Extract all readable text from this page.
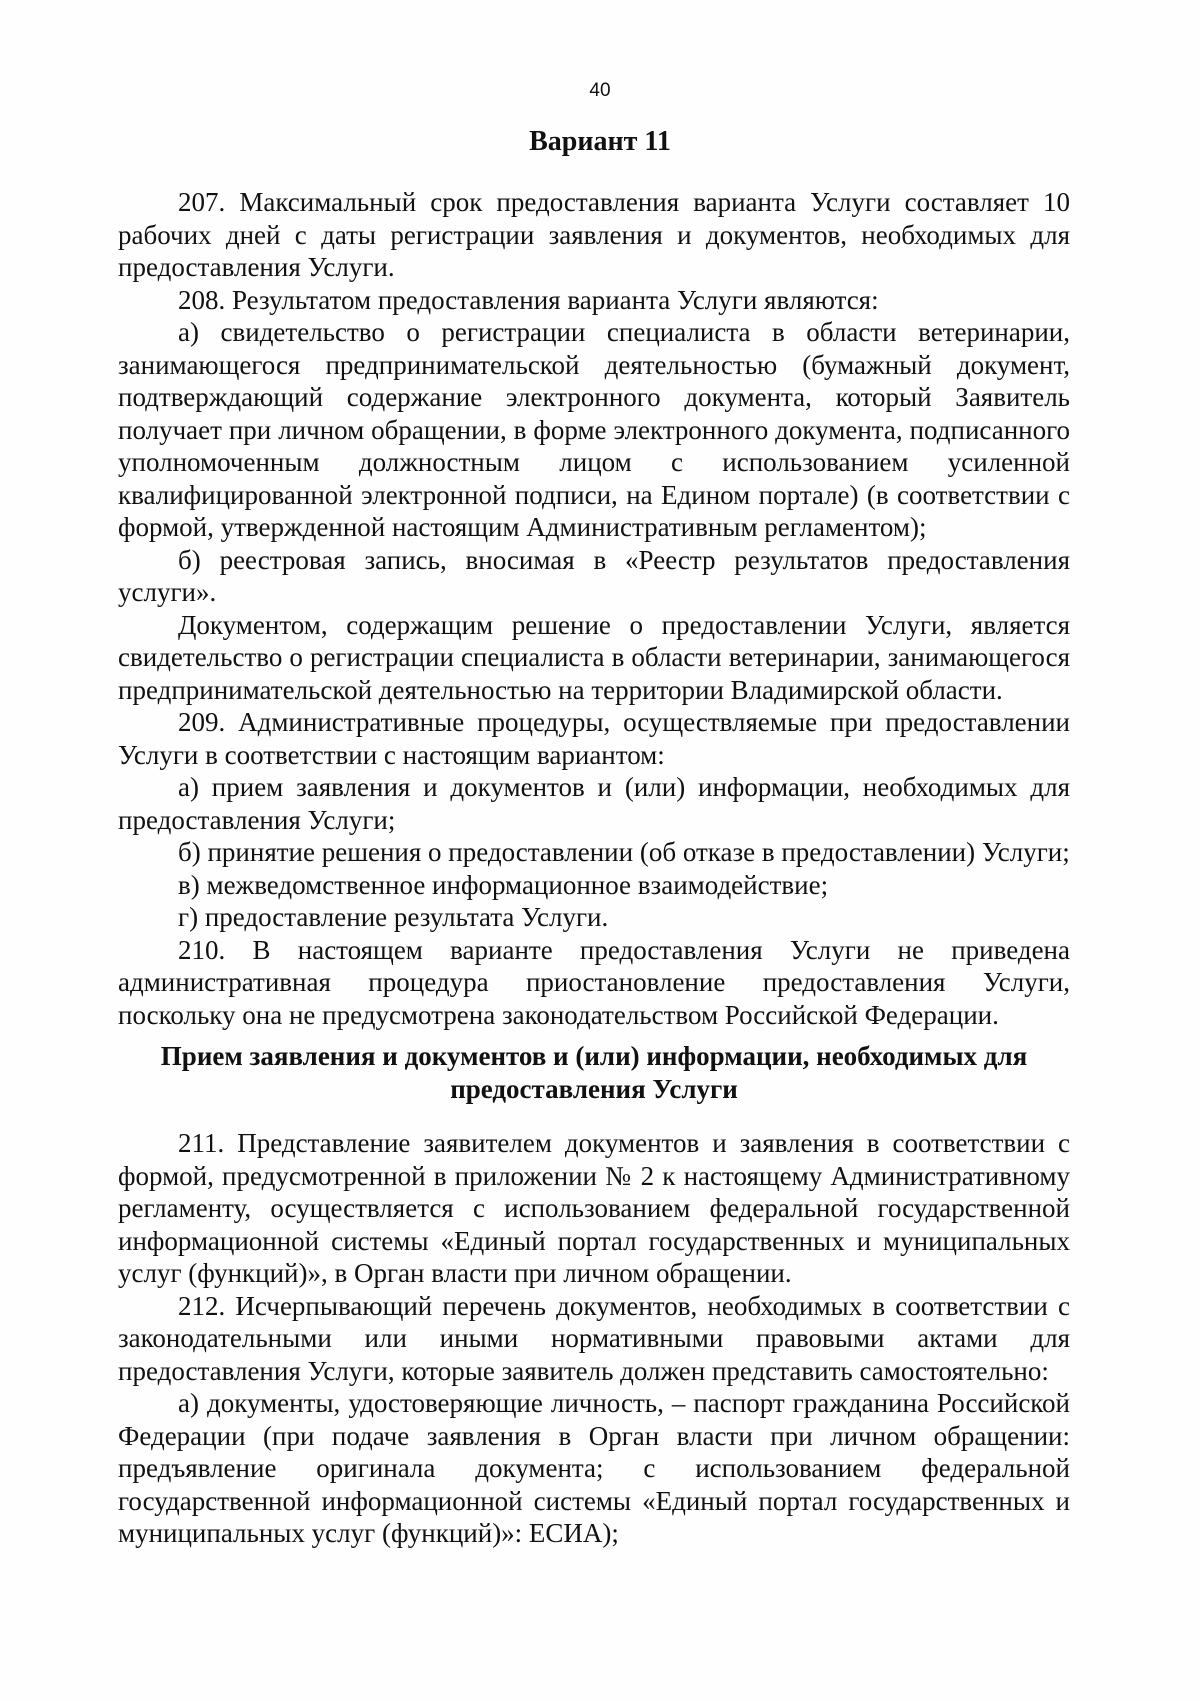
40
Вариант 11

207. Максимальный срок предоставления варианта Услуги составляет 10 рабочих дней с даты регистрации заявления и документов, необходимых для предоставления Услуги.

208. Результатом предоставления варианта Услуги являются:

а) свидетельство о регистрации специалиста в области ветеринарии, занимающегося предпринимательской деятельностью (бумажный документ, подтверждающий содержание электронного документа, который Заявитель получает при личном обращении, в форме электронного документа, подписанного уполномоченным должностным лицом с использованием усиленной квалифицированной электронной подписи, на Едином портале) (в соответствии с формой, утвержденной настоящим Административным регламентом);

б) реестровая запись, вносимая в «Реестр результатов предоставления услуги».

Документом, содержащим решение о предоставлении Услуги, является свидетельство о регистрации специалиста в области ветеринарии, занимающегося предпринимательской деятельностью на территории Владимирской области.

209. Административные процедуры, осуществляемые при предоставлении Услуги в соответствии с настоящим вариантом:

а) прием заявления и документов и (или) информации, необходимых для предоставления Услуги;

б) принятие решения о предоставлении (об отказе в предоставлении) Услуги;

в) межведомственное информационное взаимодействие;

г) предоставление результата Услуги.

210. В настоящем варианте предоставления Услуги не приведена административная процедура приостановление предоставления Услуги, поскольку она не предусмотрена законодательством Российской Федерации.

Прием заявления и документов и (или) информации, необходимых для предоставления Услуги

211. Представление заявителем документов и заявления в соответствии с формой, предусмотренной в приложении № 2 к настоящему Административному регламенту, осуществляется с использованием федеральной государственной информационной системы «Единый портал государственных и муниципальных услуг (функций)», в Орган власти при личном обращении.

212. Исчерпывающий перечень документов, необходимых в соответствии с законодательными или иными нормативными правовыми актами для предоставления Услуги, которые заявитель должен представить самостоятельно:

а) документы, удостоверяющие личность, – паспорт гражданина Российской Федерации (при подаче заявления в Орган власти при личном обращении: предъявление оригинала документа; с использованием федеральной государственной информационной системы «Единый портал государственных и муниципальных услуг (функций)»: ЕСИА);
